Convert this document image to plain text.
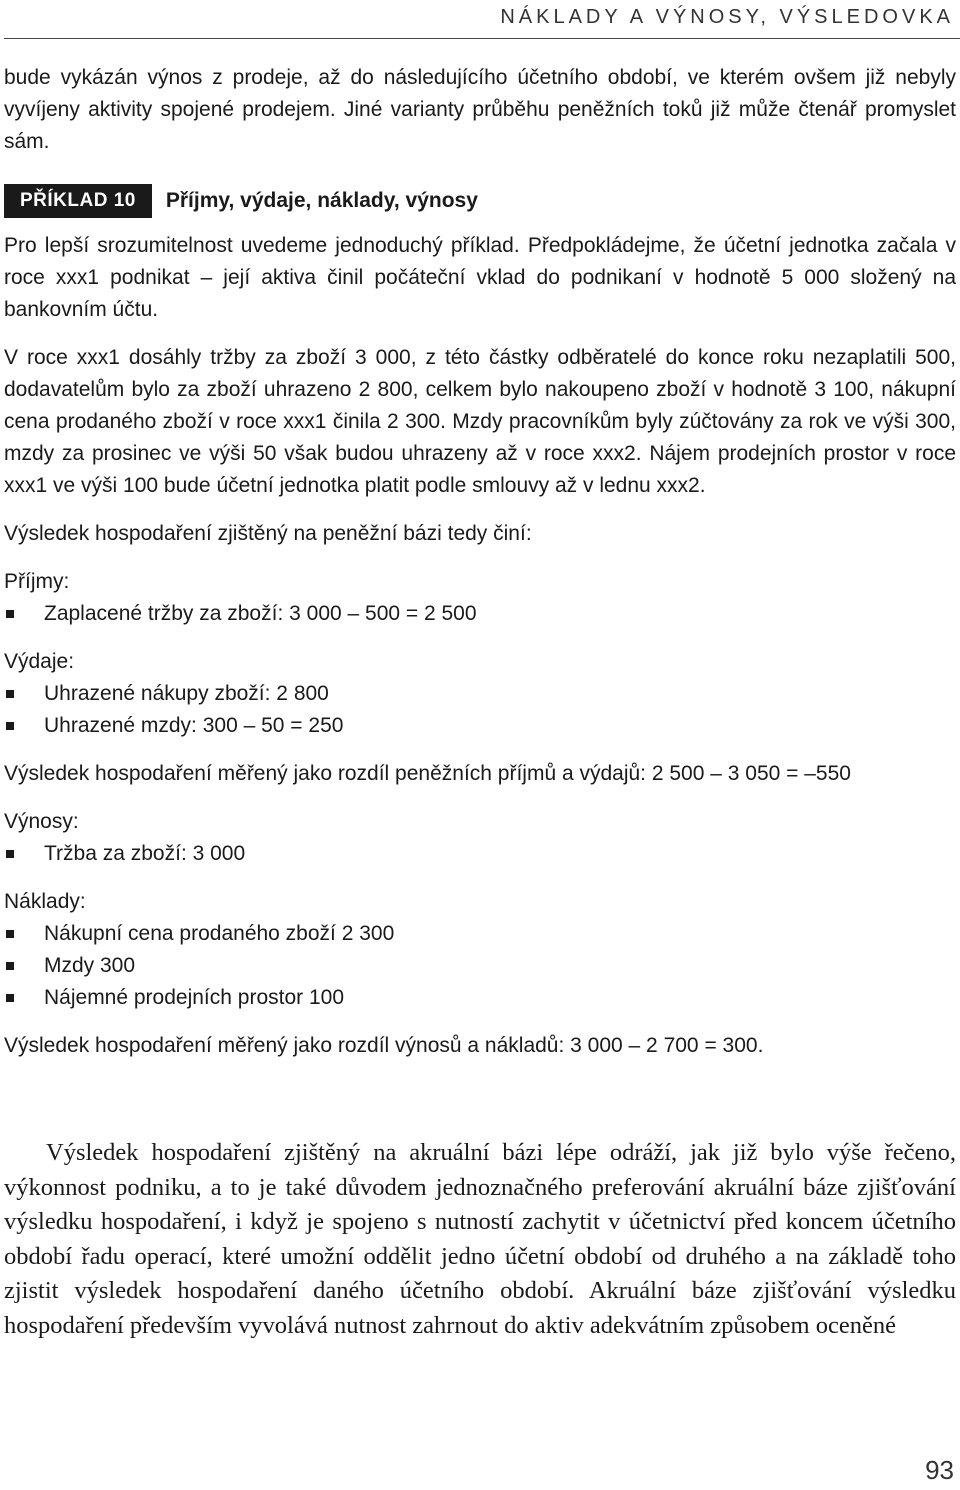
NÁKLADY A VÝNOSY, VÝSLEDOVKA

bude vykázán výnos z prodeje, až do následujícího účetního období, ve kterém ovšem již nebyly vyvíjeny aktivity spojené prodejem. Jiné varianty průběhu peněžních toků již může čtenář promyslet sám.

PŘÍKLAD 10	Příjmy, výdaje, náklady, výnosy

Pro lepší srozumitelnost uvedeme jednoduchý příklad. Předpokládejme, že účetní jednotka začala v roce xxx1 podnikat – její aktiva činil počáteční vklad do podnikaní v hodnotě 5 000 složený na bankovním účtu.

V roce xxx1 dosáhly tržby za zboží 3 000, z této částky odběratelé do konce roku nezaplatili 500, dodavatelům bylo za zboží uhrazeno 2 800, celkem bylo nakoupeno zboží v hodnotě 3 100, nákupní cena prodaného zboží v roce xxx1 činila 2 300. Mzdy pracovníkům byly zúčtovány za rok ve výši 300, mzdy za prosinec ve výši 50 však budou uhrazeny až v roce xxx2. Nájem prodejních prostor v roce xxx1 ve výši 100 bude účetní jednotka platit podle smlouvy až v lednu xxx2.

Výsledek hospodaření zjištěný na peněžní bázi tedy činí:

Příjmy:

Zaplacené tržby za zboží: 3 000 – 500 = 2 500

Výdaje:

Uhrazené nákupy zboží: 2 800
Uhrazené mzdy: 300 – 50 = 250

Výsledek hospodaření měřený jako rozdíl peněžních příjmů a výdajů: 2 500 – 3 050 = –550

Výnosy:

Tržba za zboží: 3 000

Náklady:

Nákupní cena prodaného zboží 2 300
Mzdy 300
Nájemné prodejních prostor 100

Výsledek hospodaření měřený jako rozdíl výnosů a nákladů: 3 000 – 2 700 = 300.

Výsledek hospodaření zjištěný na akruální bázi lépe odráží, jak již bylo výše řečeno, výkonnost podniku, a to je také důvodem jednoznačného preferování akruální báze zjišťování výsledku hospodaření, i když je spojeno s nutností zachytit v účetnictví před koncem účetního období řadu operací, které umožní oddělit jedno účetní období od druhého a na základě toho zjistit výsledek hospodaření daného účetního období. Akruální báze zjišťování výsledku hospodaření především vyvolává nutnost zahrnout do aktiv adekvátním způsobem oceněné

93
